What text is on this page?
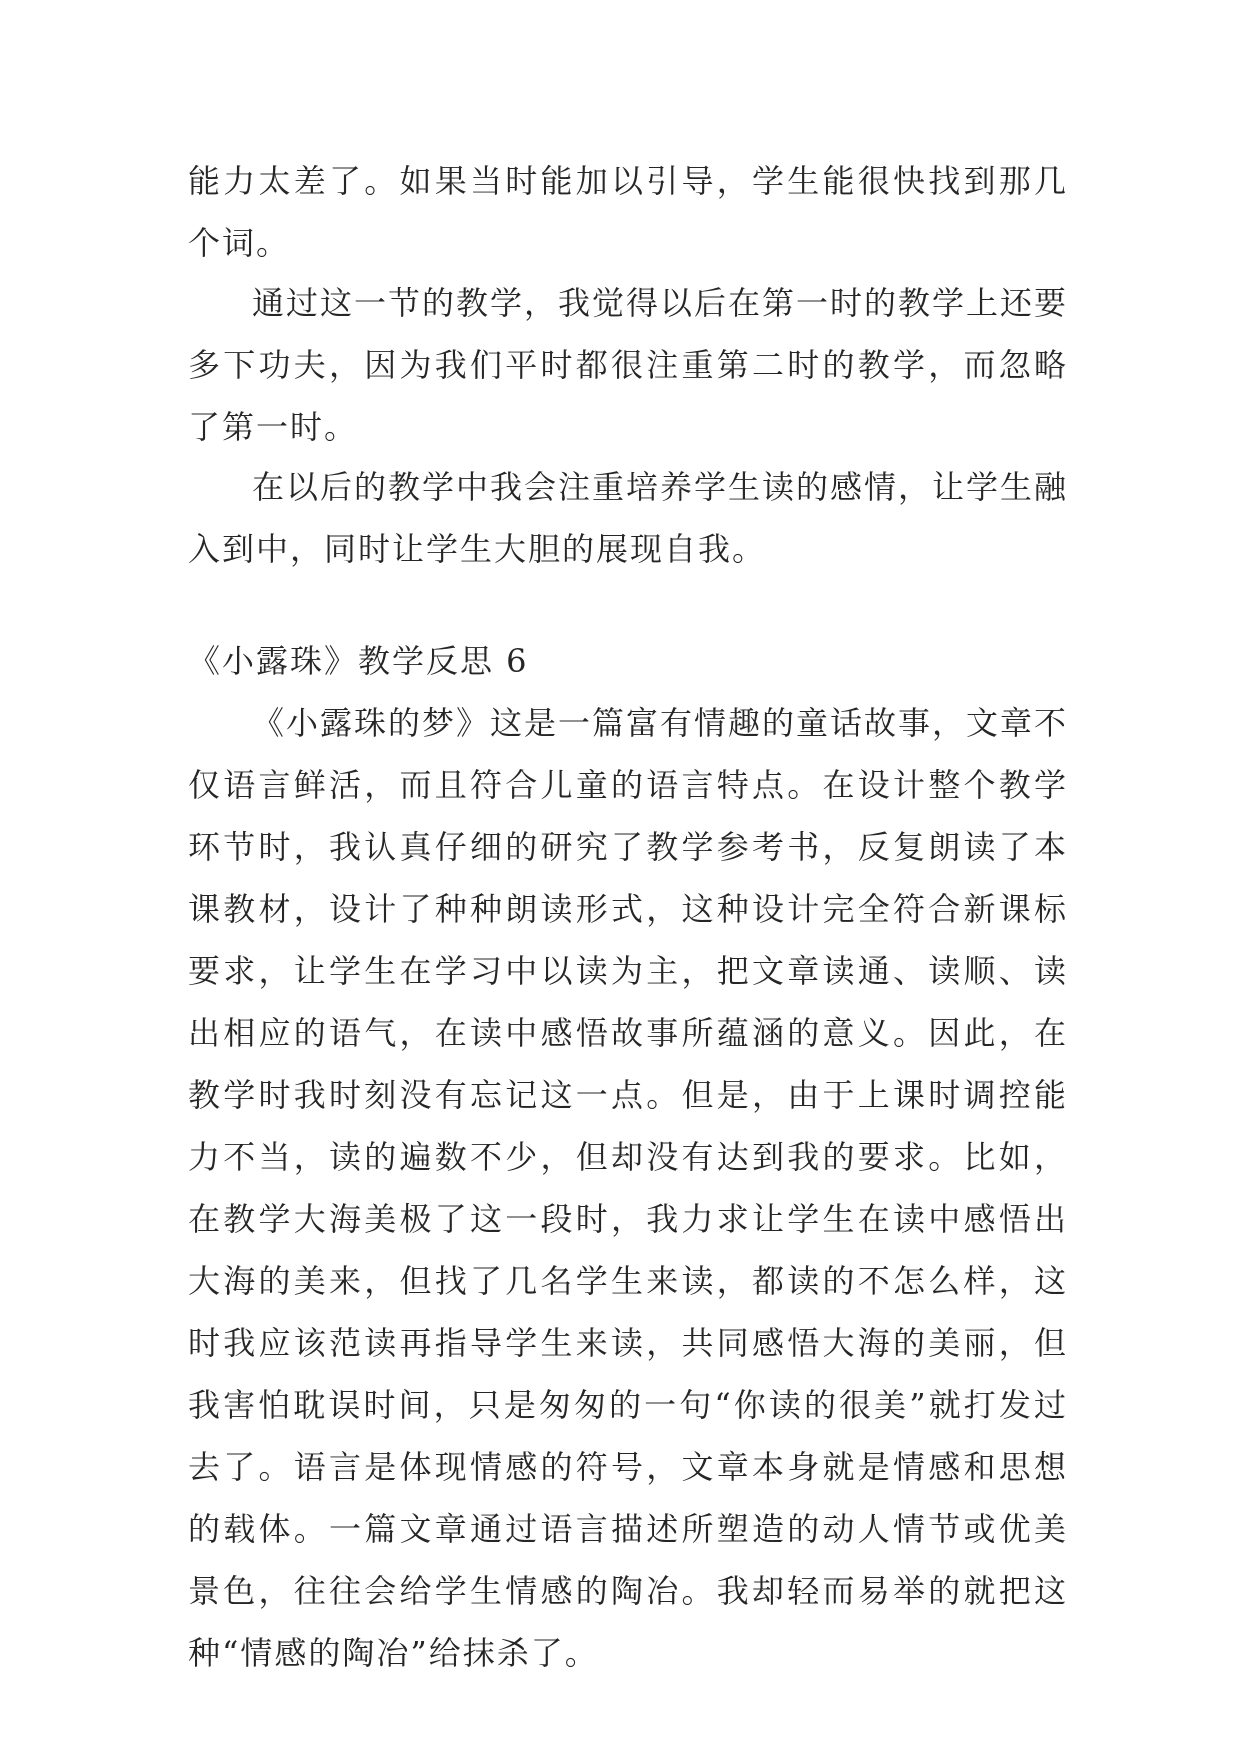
能力太差了。如果当时能加以引导，学生能很快找到那几个词。
通过这一节的教学，我觉得以后在第一时的教学上还要多下功夫，因为我们平时都很注重第二时的教学，而忽略了第一时。
在以后的教学中我会注重培养学生读的感情，让学生融入到中，同时让学生大胆的展现自我。
《小露珠》教学反思 6
《小露珠的梦》这是一篇富有情趣的童话故事，文章不仅语言鲜活，而且符合儿童的语言特点。在设计整个教学环节时，我认真仔细的研究了教学参考书，反复朗读了本课教材，设计了种种朗读形式，这种设计完全符合新课标要求，让学生在学习中以读为主，把文章读通、读顺、读出相应的语气，在读中感悟故事所蕴涵的意义。因此，在教学时我时刻没有忘记这一点。但是，由于上课时调控能力不当，读的遍数不少，但却没有达到我的要求。比如，在教学大海美极了这一段时，我力求让学生在读中感悟出大海的美来，但找了几名学生来读，都读的不怎么样，这时我应该范读再指导学生来读，共同感悟大海的美丽，但我害怕耽误时间，只是匆匆的一句“你读的很美”就打发过去了。语言是体现情感的符号，文章本身就是情感和思想的载体。一篇文章通过语言描述所塑造的动人情节或优美景色，往往会给学生情感的陶冶。我却轻而易举的就把这种“情感的陶冶”给抹杀了。
